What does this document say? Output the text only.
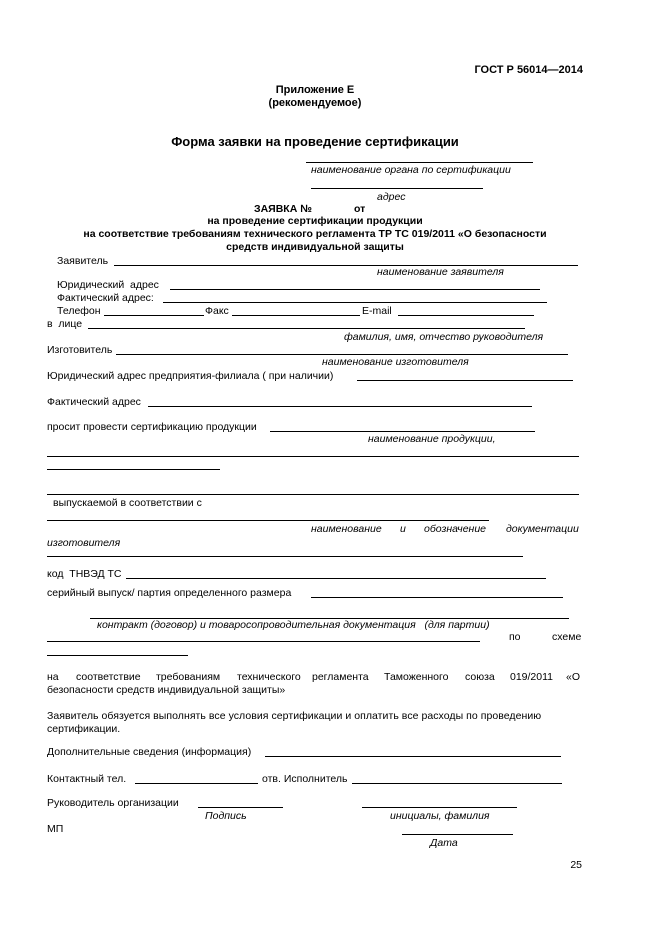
ГОСТ Р 56014—2014
Приложение Е
(рекомендуемое)
Форма заявки на проведение сертификации
наименование органа по сертификации
адрес
ЗАЯВКА №	от
на проведение сертификации продукции
на соответствие требованиям технического регламента ТР ТС 019/2011 «О безопасности
средств индивидуальной защиты
Заявитель
наименование заявителя
Юридический  адрес
Фактический адрес:
Телефон	Факс	E-mail
в  лице
фамилия, имя, отчество руководителя
Изготовитель
наименование изготовителя
Юридический адрес предприятия-филиала ( при наличии)
Фактический адрес
просит провести сертификацию продукции
наименование продукции,
выпускаемой в соответствии с
наименование и обозначение документации
изготовителя
код  ТНВЭД ТС
серийный выпуск/ партия определенного размера
контракт (договор) и товаросопроводительная документация   (для партии)
по	схеме
на соответствие требованиям технического регламента Таможенного союза 019/2011 «О
безопасности средств индивидуальной защиты»
Заявитель обязуется выполнять все условия сертификации и оплатить все расходы по проведению
сертификации.
Дополнительные сведения (информация)
Контактный тел.	отв. Исполнитель
Руководитель организации
Подпись	инициалы, фамилия
МП
Дата
25
